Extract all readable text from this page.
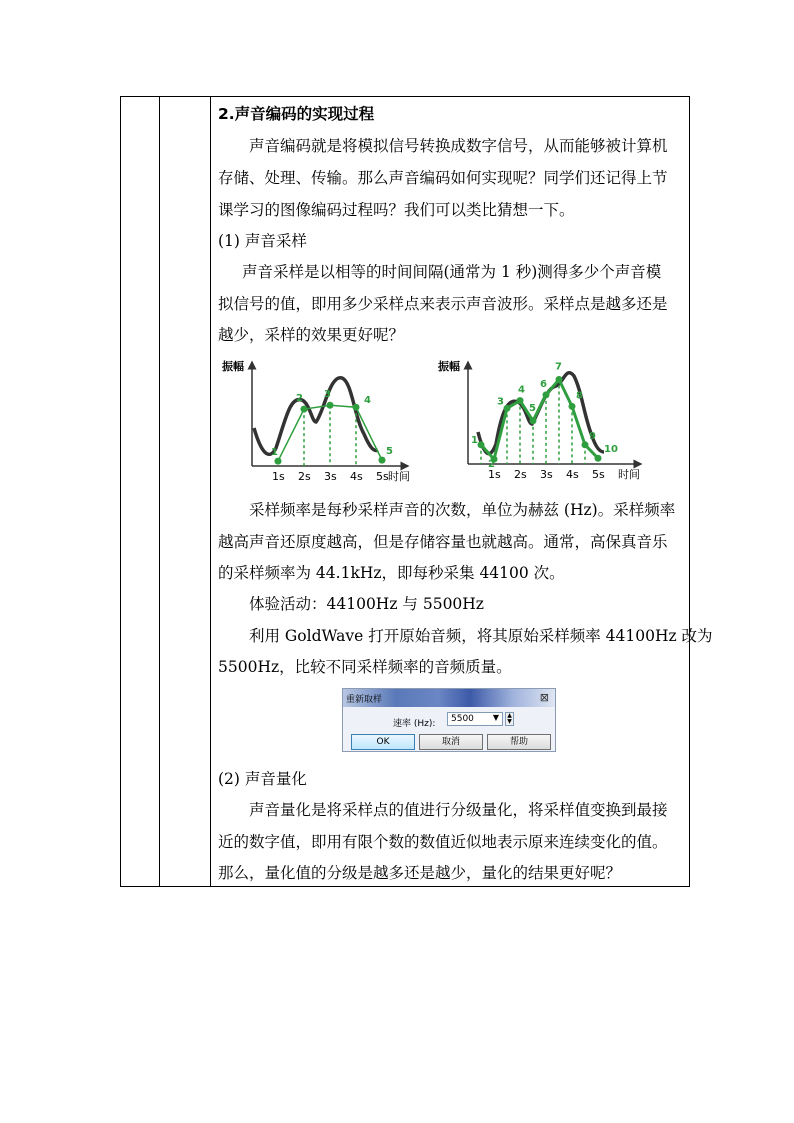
2.声音编码的实现过程
声音编码就是将模拟信号转换成数字信号，从而能够被计算机
存储、处理、传输。那么声音编码如何实现呢？同学们还记得上节
课学习的图像编码过程吗？我们可以类比猜想一下。
(1) 声音采样
声音采样是以相等的时间间隔(通常为 1 秒)测得多少个声音模
拟信号的值，即用多少采样点来表示声音波形。采样点是越多还是
越少，采样的效果更好呢？
采样频率是每秒采样声音的次数，单位为赫兹 (Hz)。采样频率
越高声音还原度越高，但是存储容量也就越高。通常，高保真音乐
的采样频率为 44.1kHz，即每秒采集 44100 次。
体验活动：44100Hz 与 5500Hz
利用 GoldWave 打开原始音频，将其原始采样频率 44100Hz 改为
5500Hz，比较不同采样频率的音频质量。
(2) 声音量化
声音量化是将采样点的值进行分级量化，将采样值变换到最接
近的数字值，即用有限个数的数值近似地表示原来连续变化的值。
那么，量化值的分级是越多还是越少，量化的结果更好呢？
振幅
时间
1s 2s 3s 4s 5s
1
2 3
4
5
振幅
时间
1s 2s 3s 4s 5s
1
2
3
4
5
6
7
8
9
10
重新取样	⊠
速率 (Hz): 5500 ▼	▲
▼
OK	取消	帮助
